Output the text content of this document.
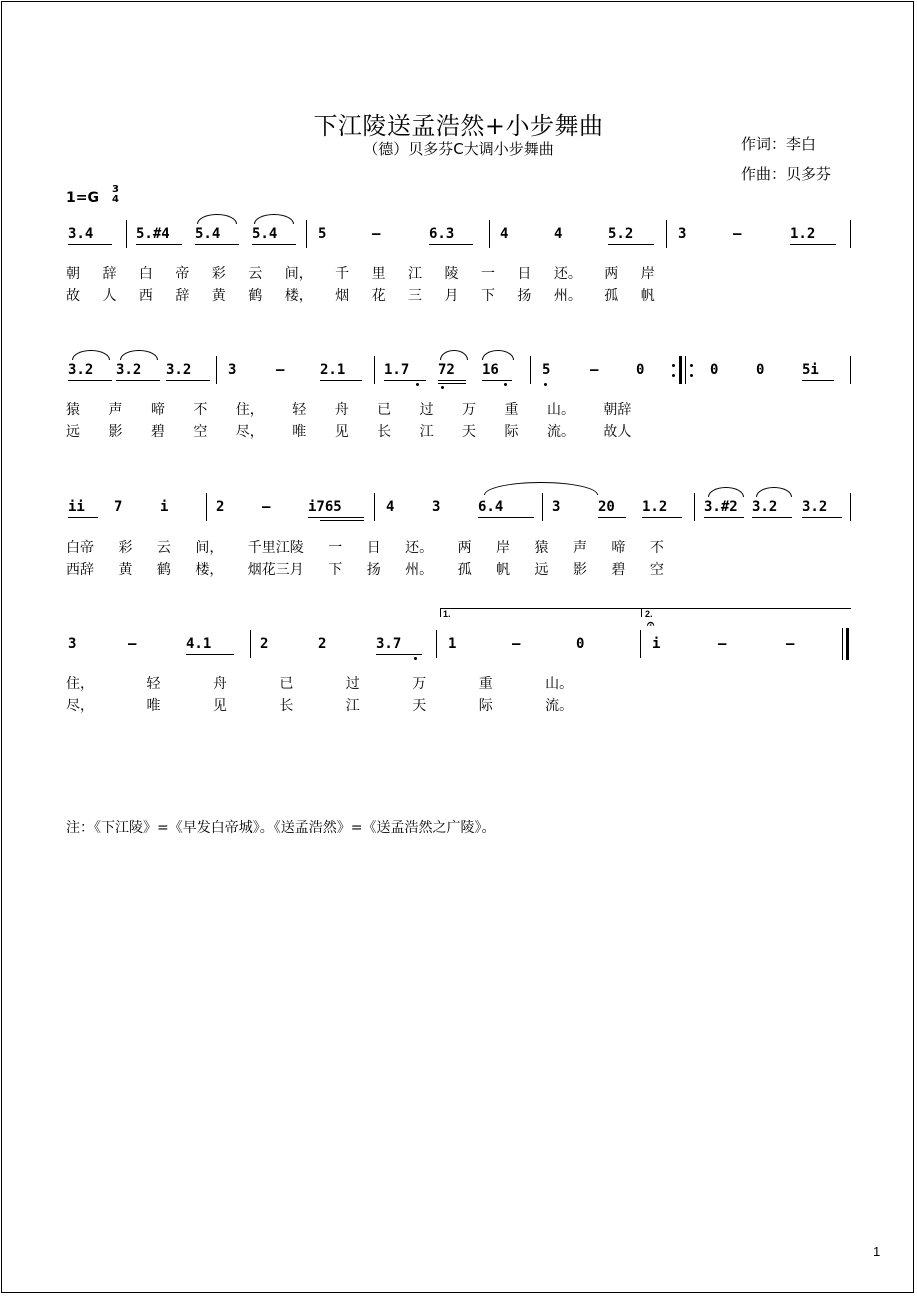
下江陵送孟浩然+小步舞曲
（德）贝多芬C大调小步舞曲	作词：李白
作曲：贝多芬
1=G
3
4
3.4	5.#4 5.4 5.4	5	–	6.3	4	4	5.2	3	–	1.2
朝 辞 白 帝 彩 云 间， 千 里 江 陵 一 日 还。 两 岸
故 人 西 辞 黄 鹤 楼， 烟 花 三 月 下 扬 州。 孤 帆
3.2 3.2 3.2	3	–	2.1	1.7 72 16	5	–	0	0	0	5i
猿 声 啼 不 住， 轻 舟 已 过 万 重 山。 朝辞
远 影 碧 空 尽， 唯 见 长 江 天 际 流。 故人
ii 7	i	2	–	i765	4	3	6.4	3	20 1.2	3.#2 3.2 3.2
白帝 彩 云 间， 千里江陵 一 日 还。 两 岸 猿 声 啼 不
西辞 黄 鹤 楼， 烟花三月 下 扬 州。 孤 帆 远 影 碧 空
1.	2.
3	–	4.1	2	2	3.7	1	–	0
𝄐
i	–	–
住， 轻 舟 已 过 万 重 山。
尽， 唯 见 长 江 天 际 流。
注：《下江陵》=《早发白帝城》。《送孟浩然》=《送孟浩然之广陵》。
1
